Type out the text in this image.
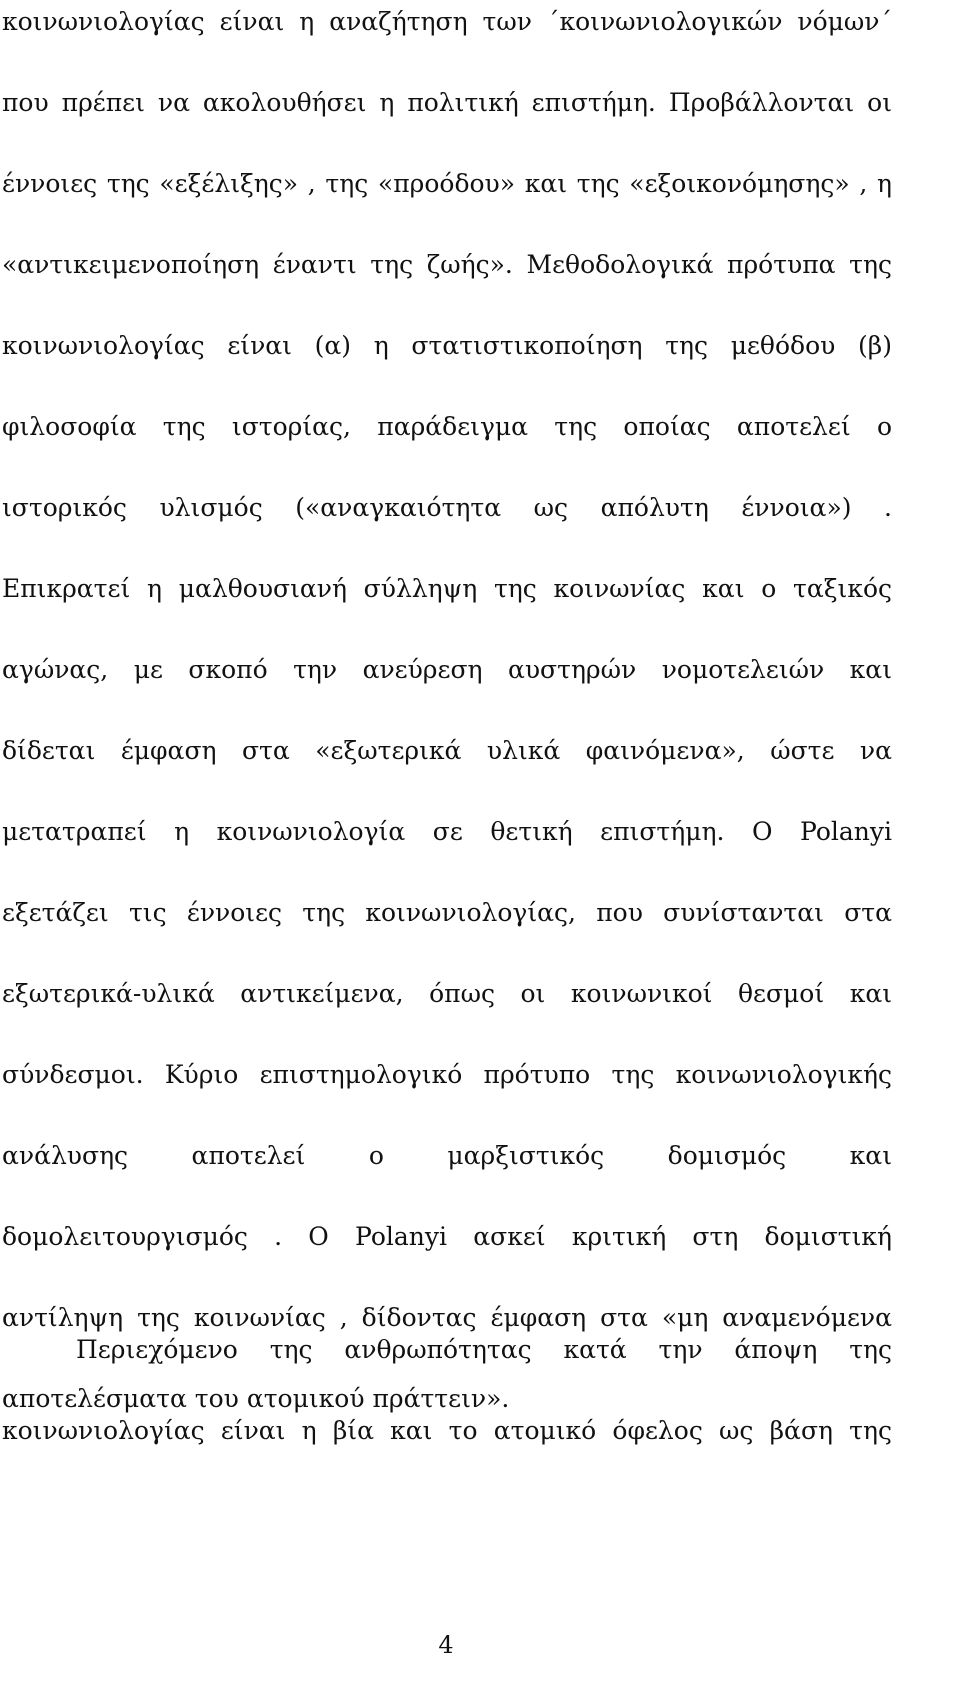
κοινωνιολογίας είναι η αναζήτηση των ΄κοινωνιολογικών νόμων΄
που πρέπει να ακολουθήσει η πολιτική επιστήμη. Προβάλλονται οι
έννοιες της «εξέλιξης» , της «προόδου» και της «εξοικονόμησης» , η
«αντικειμενοποίηση έναντι της ζωής». Μεθοδολογικά πρότυπα της
κοινωνιολογίας είναι (α) η στατιστικοποίηση της μεθόδου (β)
φιλοσοφία της ιστορίας, παράδειγμα της οποίας αποτελεί ο
ιστορικός υλισμός («αναγκαιότητα ως απόλυτη έννοια») .
Επικρατεί η μαλθουσιανή σύλληψη της κοινωνίας και ο ταξικός
αγώνας, με σκοπό την ανεύρεση αυστηρών νομοτελειών και
δίδεται έμφαση στα «εξωτερικά υλικά φαινόμενα», ώστε να
μετατραπεί η κοινωνιολογία σε θετική επιστήμη. Ο Polanyi
εξετάζει τις έννοιες της κοινωνιολογίας, που συνίστανται στα
εξωτερικά-υλικά αντικείμενα, όπως οι κοινωνικοί θεσμοί και
σύνδεσμοι. Κύριο επιστημολογικό πρότυπο της κοινωνιολογικής
ανάλυσης αποτελεί ο μαρξιστικός δομισμός και
δομολειτουργισμός . Ο Polanyi ασκεί κριτική στη δομιστική
αντίληψη της κοινωνίας , δίδοντας έμφαση στα «μη αναμενόμενα
αποτελέσματα του ατομικού πράττειν».
Περιεχόμενο της ανθρωπότητας κατά την άποψη της
κοινωνιολογίας είναι η βία και το ατομικό όφελος ως βάση της
4
